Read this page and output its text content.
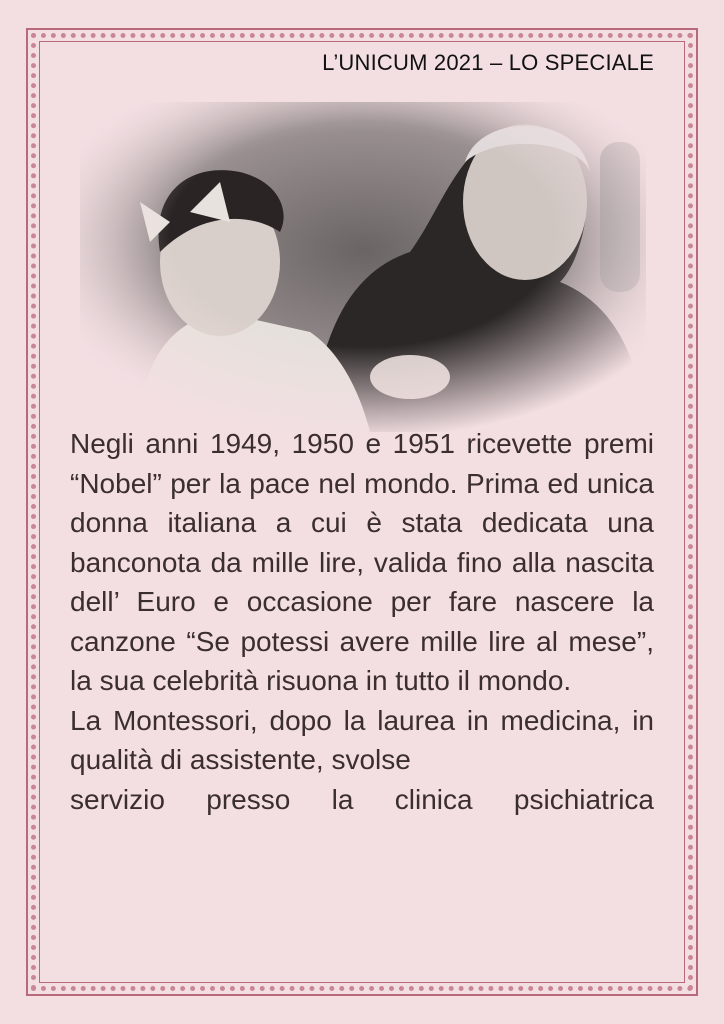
L’UNICUM 2021 – LO SPECIALE

Negli anni 1949, 1950 e 1951 ricevette premi “Nobel” per la pace nel mondo. Prima ed unica donna italiana a cui è stata dedicata una banconota da mille lire, valida fino alla nascita dell’ Euro e occasione per fare nascere la canzone “Se potessi avere mille lire al mese”, la sua celebrità risuona in tutto il mondo.

La Montessori, dopo la laurea in medicina, in qualità di assistente, svolse

servizio presso la clinica psichiatrica
